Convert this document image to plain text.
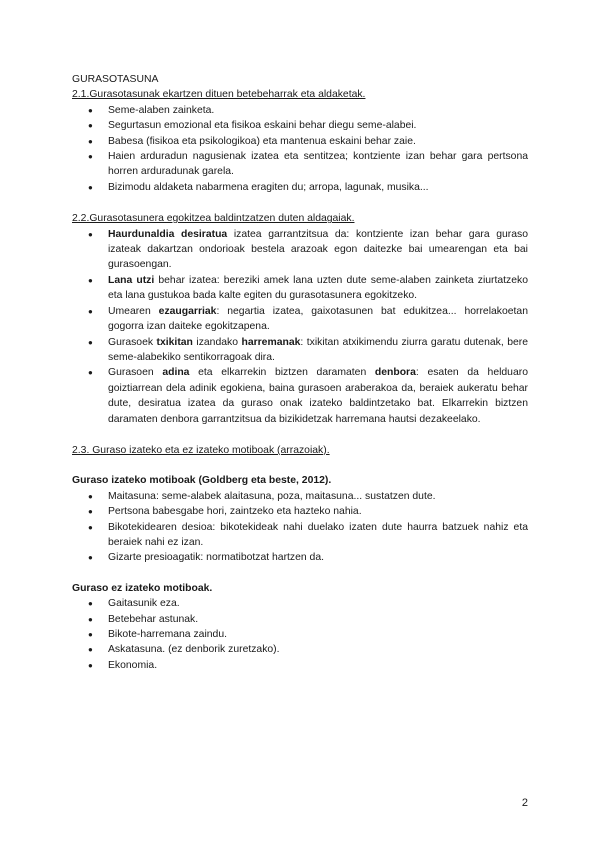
GURASOTASUNA

2.1.Gurasotasunak ekartzen dituen betebeharrak eta aldaketak.

● Seme-alaben zainketa.
● Segurtasun emozional eta fisikoa eskaini behar diegu seme-alabei.
● Babesa (fisikoa eta psikologikoa) eta mantenua eskaini behar zaie.
● Haien arduradun nagusienak izatea eta sentitzea; kontziente izan behar gara pertsona horren arduradunak garela.
● Bizimodu aldaketa nabarmena eragiten du; arropa, lagunak, musika...

2.2.Gurasotasunera egokitzea baldintzatzen duten aldagaiak.

● Haurdunaldia desiratua izatea garrantzitsua da: kontziente izan behar gara guraso izateak dakartzan ondorioak bestela arazoak egon daitezke bai umearengan eta bai gurasoengan.
● Lana utzi behar izatea: bereziki amek lana uzten dute seme-alaben zainketa ziurtatzeko eta lana gustukoa bada kalte egiten du gurasotasunera egokitzeko.
● Umearen ezaugarriak: negartia izatea, gaixotasunen bat edukitzea... horrelakoetan gogorra izan daiteke egokitzapena.
● Gurasoek txikitan izandako harremanak: txikitan atxikimendu ziurra garatu dutenak, bere seme-alabekiko sentikorragoak dira.
● Gurasoen adina eta elkarrekin biztzen daramaten denbora: esaten da helduaro goiztiarrean dela adinik egokiena, baina gurasoen araberakoa da, beraiek aukeratu behar dute, desiratua izatea da guraso onak izateko baldintzetako bat. Elkarrekin biztzen daramaten denbora garrantzitsua da bizikidetzak harremana hautsi dezakeelako.

2.3. Guraso izateko eta ez izateko motiboak (arrazoiak).

Guraso izateko motiboak (Goldberg eta beste, 2012).

● Maitasuna: seme-alabek alaitasuna, poza, maitasuna... sustatzen dute.
● Pertsona babesgabe hori, zaintzeko eta hazteko nahia.
● Bikotekidearen desioa: bikotekideak nahi duelako izaten dute haurra batzuek nahiz eta beraiek nahi ez izan.
● Gizarte presioagatik: normatibotzat hartzen da.

Guraso ez izateko motiboak.

● Gaitasunik eza.
● Betebehar astunak.
● Bikote-harremana zaindu.
● Askatasuna. (ez denborik zuretzako).
● Ekonomia.
2
